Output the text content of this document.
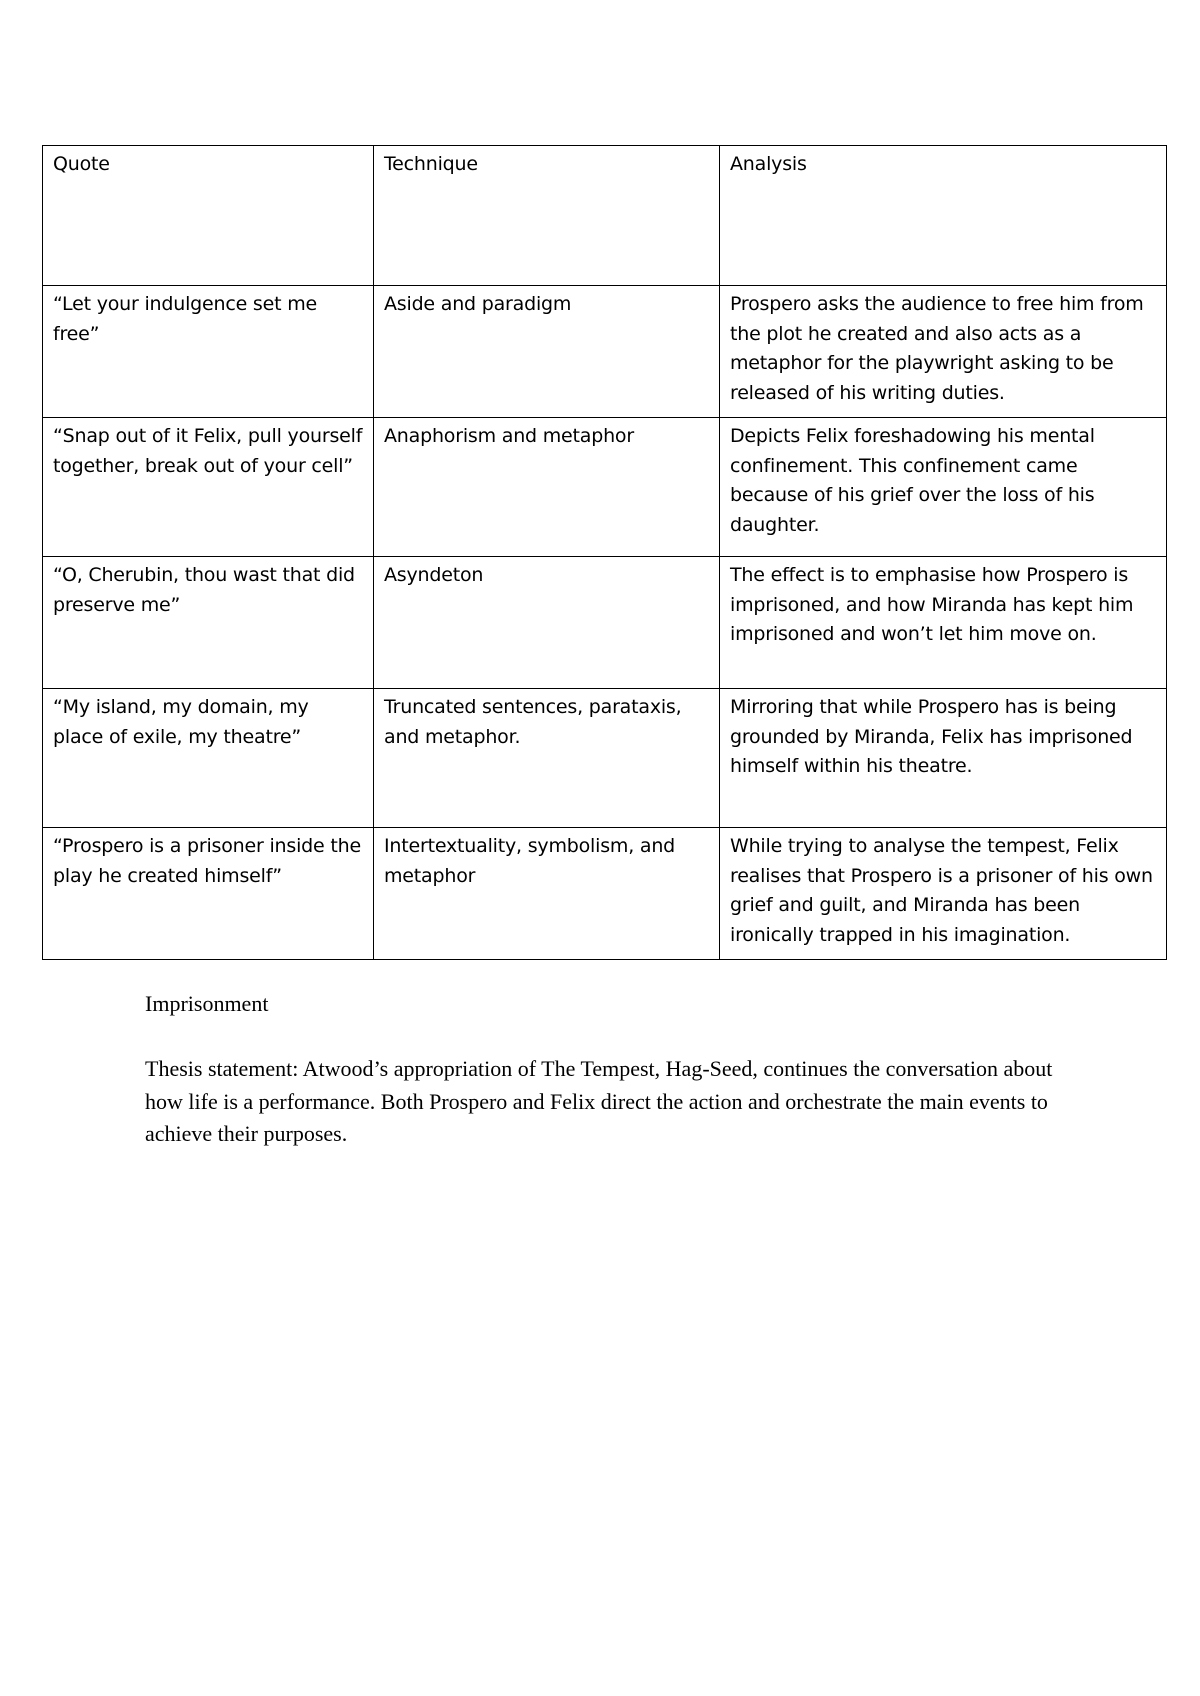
Quote	Technique	Analysis
“Let your indulgence set me free”	Aside and paradigm	Prospero asks the audience to free him from the plot he created and also acts as a metaphor for the playwright asking to be released of his writing duties.
“Snap out of it Felix, pull yourself together, break out of your cell”	Anaphorism and metaphor	Depicts Felix foreshadowing his mental confinement. This confinement came because of his grief over the loss of his daughter.
“O, Cherubin, thou wast that did preserve me”	Asyndeton	The effect is to emphasise how Prospero is imprisoned, and how Miranda has kept him imprisoned and won’t let him move on.
“My island, my domain, my place of exile, my theatre”	Truncated sentences, parataxis, and metaphor.	Mirroring that while Prospero has is being grounded by Miranda, Felix has imprisoned himself within his theatre.
“Prospero is a prisoner inside the play he created himself”	Intertextuality, symbolism, and metaphor	While trying to analyse the tempest, Felix realises that Prospero is a prisoner of his own grief and guilt, and Miranda has been ironically trapped in his imagination.

Imprisonment

Thesis statement: Atwood’s appropriation of The Tempest, Hag-Seed, continues the conversation about how life is a performance. Both Prospero and Felix direct the action and orchestrate the main events to achieve their purposes.
